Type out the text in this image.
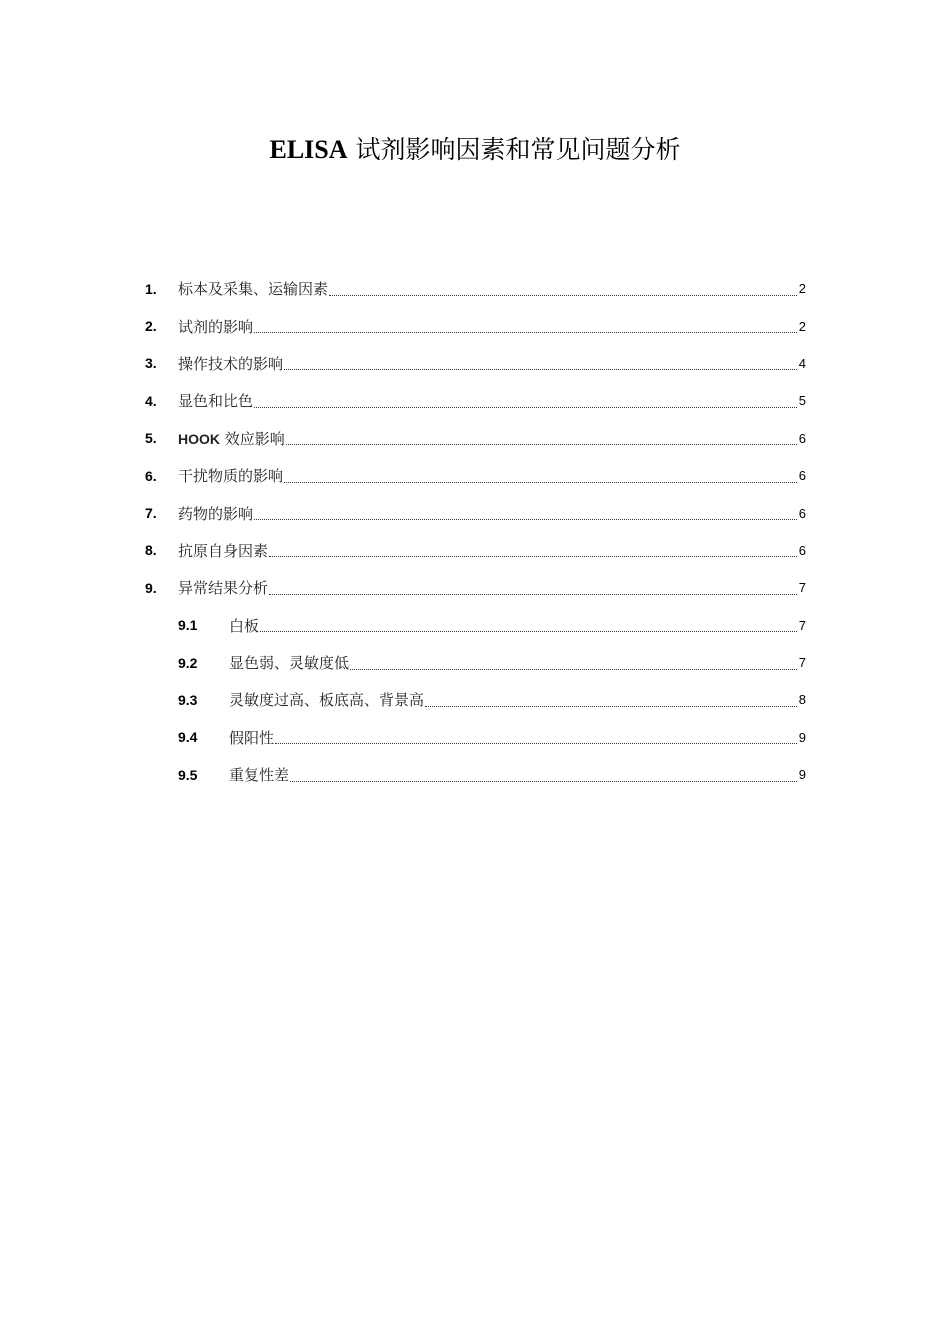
ELISA 试剂影响因素和常见问题分析
1.	标本及采集、运输因素	2
2.	试剂的影响	2
3.	操作技术的影响	4
4.	显色和比色	5
5.	HOOK 效应影响	6
6.	干扰物质的影响	6
7.	药物的影响	6
8.	抗原自身因素	6
9.	异常结果分析	7
9.1	白板	7
9.2	显色弱、灵敏度低	7
9.3	灵敏度过高、板底高、背景高	8
9.4	假阳性	9
9.5	重复性差	9
